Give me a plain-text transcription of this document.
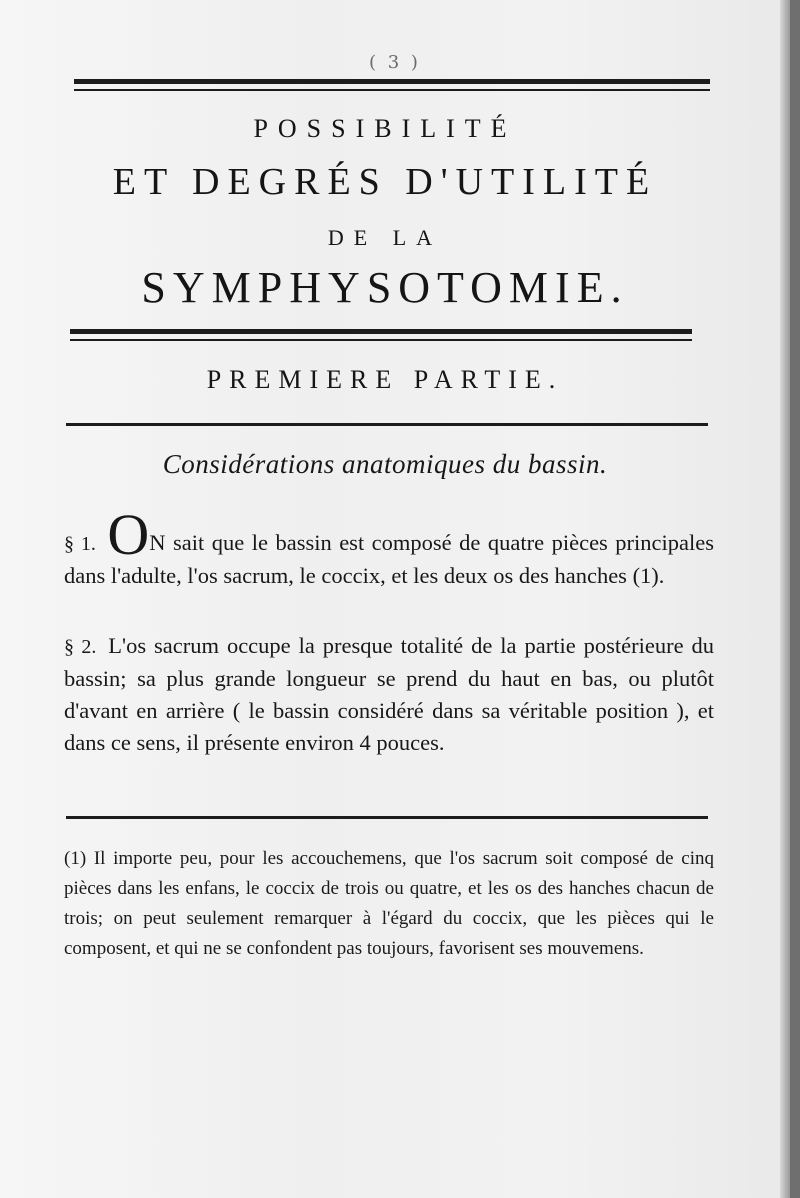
( 3 )
POSSIBILITÉ
ET DEGRÉS D'UTILITÉ
DE LA
SYMPHYSOTOMIE.
PREMIERE PARTIE.
Considérations anatomiques du bassin.
§ 1. ON sait que le bassin est composé de quatre pièces principales dans l'adulte, l'os sacrum, le coccix, et les deux os des hanches (1).
§ 2. L'os sacrum occupe la presque totalité de la partie postérieure du bassin; sa plus grande longueur se prend du haut en bas, ou plutôt d'avant en arrière ( le bassin considéré dans sa véritable position ), et dans ce sens, il présente environ 4 pouces.
(1) Il importe peu, pour les accouchemens, que l'os sacrum soit composé de cinq pièces dans les enfans, le coccix de trois ou quatre, et les os des hanches chacun de trois; on peut seulement remarquer à l'égard du coccix, que les pièces qui le composent, et qui ne se confondent pas toujours, favorisent ses mouvemens.
